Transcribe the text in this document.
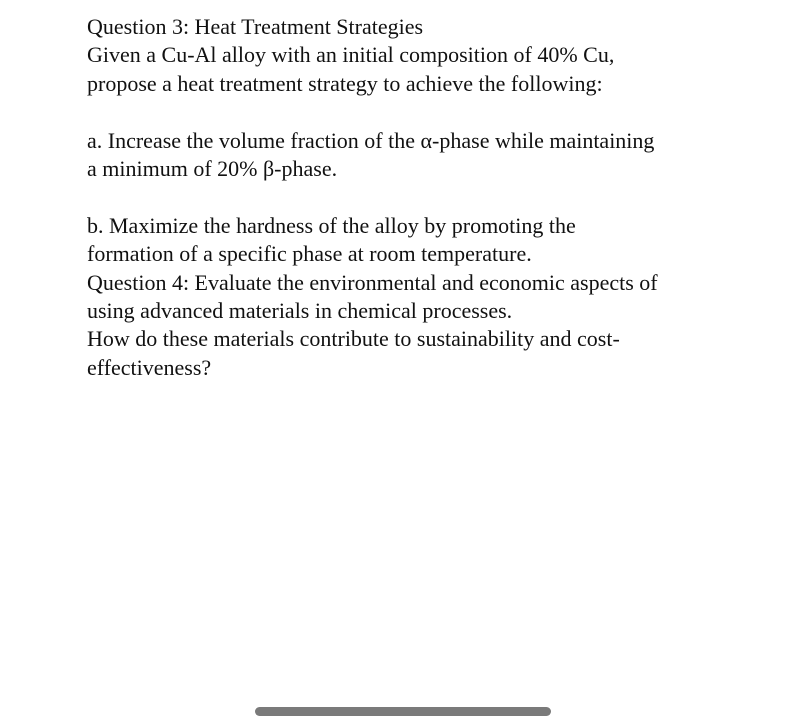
Question 3: Heat Treatment Strategies
Given a Cu-Al alloy with an initial composition of 40% Cu,
propose a heat treatment strategy to achieve the following:
a. Increase the volume fraction of the α-phase while maintaining
a minimum of 20% β-phase.
b. Maximize the hardness of the alloy by promoting the
formation of a specific phase at room temperature.
Question 4: Evaluate the environmental and economic aspects of
using advanced materials in chemical processes.
How do these materials contribute to sustainability and cost-
effectiveness?
